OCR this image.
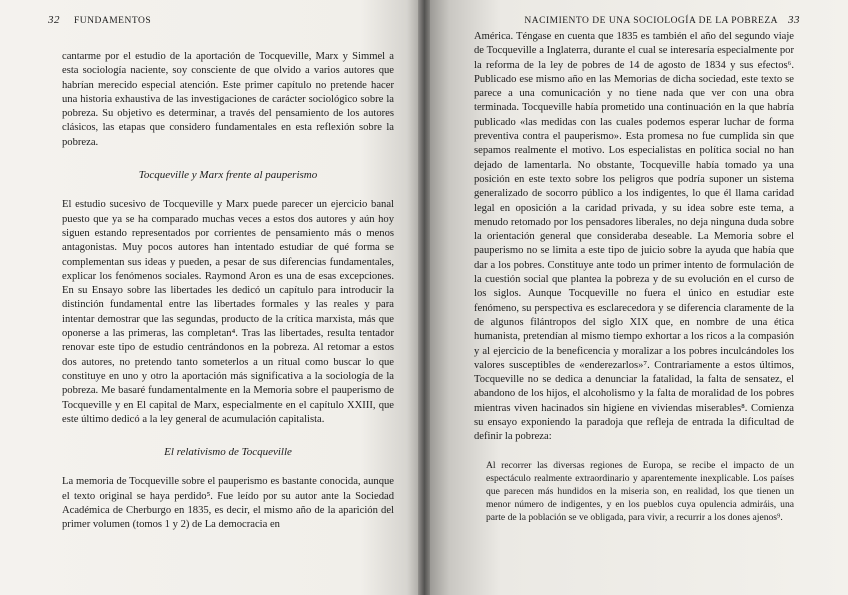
32 FUNDAMENTOS

cantarme por el estudio de la aportación de Tocqueville, Marx y Simmel a esta sociología naciente, soy consciente de que olvido a varios autores que habrían merecido especial atención. Este primer capítulo no pretende hacer una historia exhaustiva de las investigaciones de carácter sociológico sobre la pobreza. Su objetivo es determinar, a través del pensamiento de los autores clásicos, las etapas que considero fundamentales en esta reflexión sobre la pobreza.

Tocqueville y Marx frente al pauperismo

El estudio sucesivo de Tocqueville y Marx puede parecer un ejercicio banal puesto que ya se ha comparado muchas veces a estos dos autores y aún hoy siguen estando representados por corrientes de pensamiento más o menos antagonistas. Muy pocos autores han intentado estudiar de qué forma se complementan sus ideas y pueden, a pesar de sus diferencias fundamentales, explicar los fenómenos sociales. Raymond Aron es una de esas excepciones. En su Ensayo sobre las libertades les dedicó un capítulo para introducir la distinción fundamental entre las libertades formales y las reales y para intentar demostrar que las segundas, producto de la crítica marxista, más que oponerse a las primeras, las completan⁴. Tras las libertades, resulta tentador renovar este tipo de estudio centrándonos en la pobreza. Al retomar a estos dos autores, no pretendo tanto someterlos a un ritual como buscar lo que constituye en uno y otro la aportación más significativa a la sociología de la pobreza. Me basaré fundamentalmente en la Memoria sobre el pauperismo de Tocqueville y en El capital de Marx, especialmente en el capítulo XXIII, que este último dedicó a la ley general de acumulación capitalista.

El relativismo de Tocqueville

La memoria de Tocqueville sobre el pauperismo es bastante conocida, aunque el texto original se haya perdido⁵. Fue leído por su autor ante la Sociedad Académica de Cherburgo en 1835, es decir, el mismo año de la aparición del primer volumen (tomos 1 y 2) de La democracia en

NACIMIENTO DE UNA SOCIOLOGÍA DE LA POBREZA 33

América. Téngase en cuenta que 1835 es también el año del segundo viaje de Tocqueville a Inglaterra, durante el cual se interesaría especialmente por la reforma de la ley de pobres de 14 de agosto de 1834 y sus efectos⁶. Publicado ese mismo año en las Memorias de dicha sociedad, este texto se parece a una comunicación y no tiene nada que ver con una obra terminada. Tocqueville había prometido una continuación en la que habría publicado «las medidas con las cuales podemos esperar luchar de forma preventiva contra el pauperismo». Esta promesa no fue cumplida sin que sepamos realmente el motivo. Los especialistas en política social no han dejado de lamentarla. No obstante, Tocqueville había tomado ya una posición en este texto sobre los peligros que podría suponer un sistema generalizado de socorro público a los indigentes, lo que él llama caridad legal en oposición a la caridad privada, y su idea sobre este tema, a menudo retomado por los pensadores liberales, no deja ninguna duda sobre la orientación general que consideraba deseable. La Memoria sobre el pauperismo no se limita a este tipo de juicio sobre la ayuda que había que dar a los pobres. Constituye ante todo un primer intento de formulación de la cuestión social que plantea la pobreza y de su evolución en el curso de los siglos. Aunque Tocqueville no fuera el único en estudiar este fenómeno, su perspectiva es esclarecedora y se diferencia claramente de la de algunos filántropos del siglo XIX que, en nombre de una ética humanista, pretendían al mismo tiempo exhortar a los ricos a la compasión y al ejercicio de la beneficencia y moralizar a los pobres inculcándoles los valores susceptibles de «enderezarlos»⁷. Contrariamente a estos últimos, Tocqueville no se dedica a denunciar la fatalidad, la falta de sensatez, el abandono de los hijos, el alcoholismo y la falta de moralidad de los pobres mientras viven hacinados sin higiene en viviendas miserables⁸. Comienza su ensayo exponiendo la paradoja que refleja de entrada la dificultad de definir la pobreza:

Al recorrer las diversas regiones de Europa, se recibe el impacto de un espectáculo realmente extraordinario y aparentemente inexplicable. Los países que parecen más hundidos en la miseria son, en realidad, los que tienen un menor número de indigentes, y en los pueblos cuya opulencia admiráis, una parte de la población se ve obligada, para vivir, a recurrir a los dones ajenos⁹.
